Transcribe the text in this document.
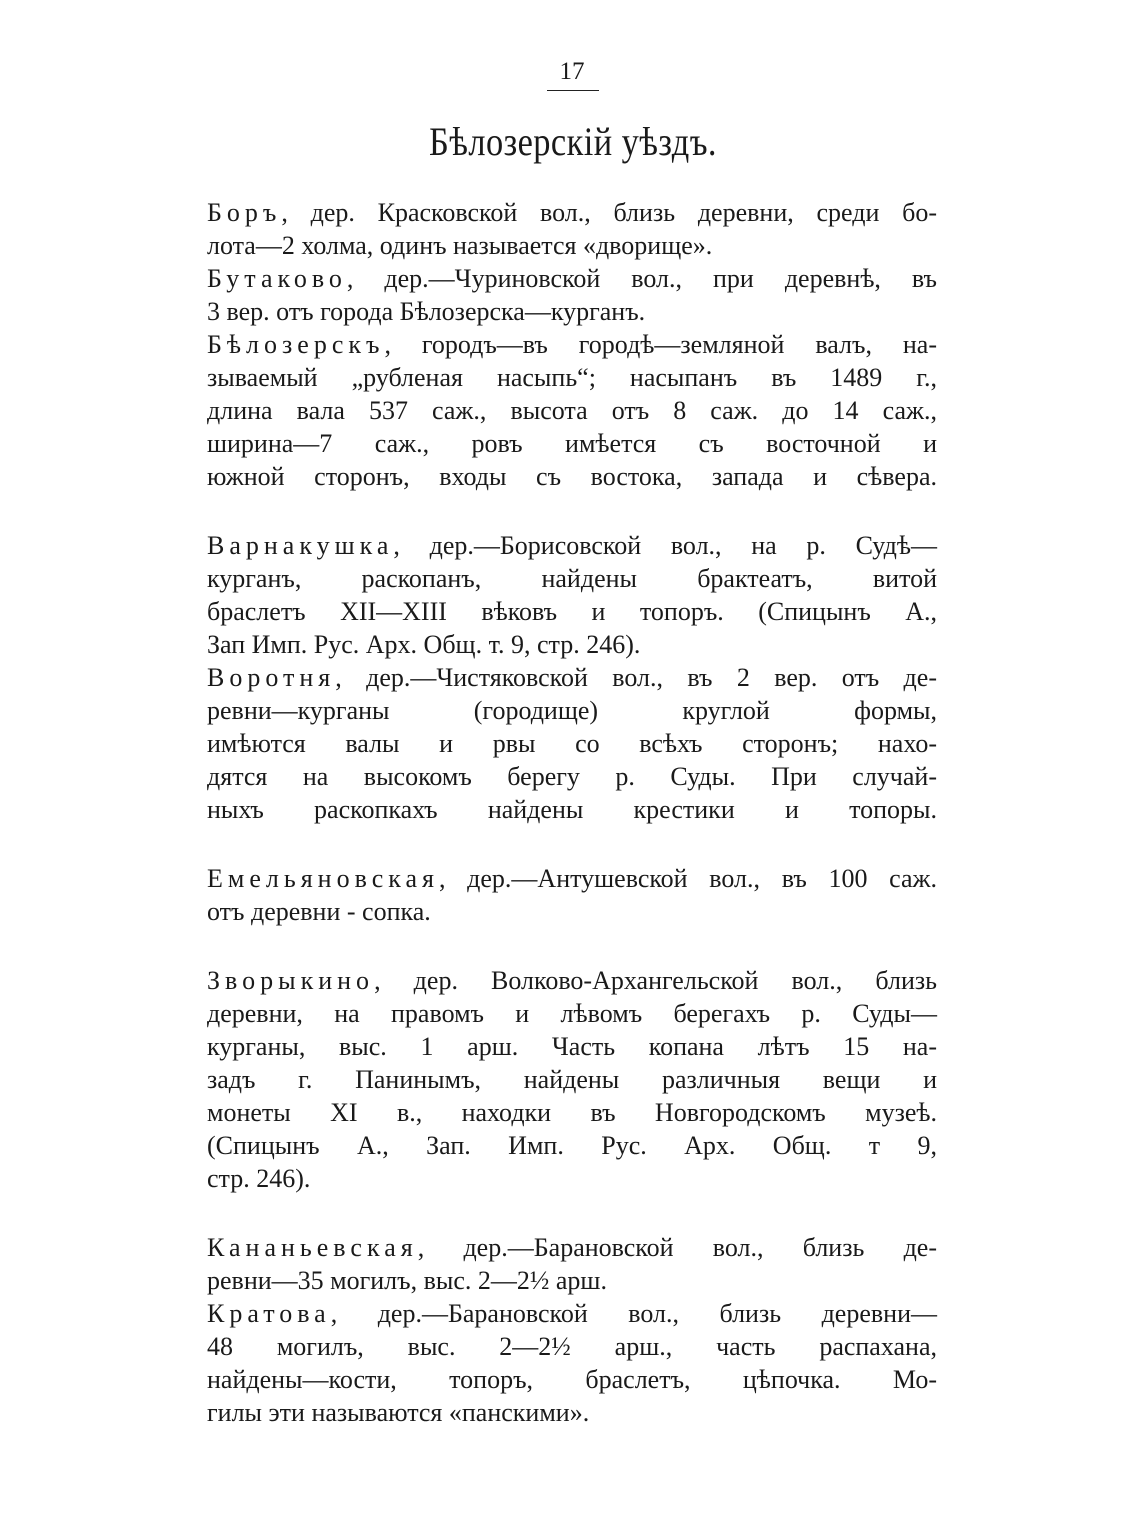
17
Бѣлозерскій уѣздъ.

Боръ, дер. Красковской вол., близь деревни, среди бо-
лота—2 холма, одинъ называется «дворище».

Бутаково, дер.—Чуриновской вол., при деревнѣ, въ
3 вер. отъ города Бѣлозерска—курганъ.

Бѣлозерскъ, городъ—въ городѣ—земляной валъ, на-
зываемый „рубленая насыпь“; насыпанъ въ 1489 г.,
длина вала 537 саж., высота отъ 8 саж. до 14 саж.,
ширина—7 саж., ровъ имѣется съ восточной и
южной сторонъ, входы съ востока, запада и сѣвера.

Варнакушка, дер.—Борисовской вол., на р. Судѣ—
курганъ, раскопанъ, найдены брактеатъ, витой
браслетъ XII—XIII вѣковъ и топоръ. (Спицынъ А.,
Зап Имп. Рус. Арх. Общ. т. 9, стр. 246).

Воротня, дер.—Чистяковской вол., въ 2 вер. отъ де-
ревни—курганы (городище) круглой формы,
имѣются валы и рвы со всѣхъ сторонъ; нахо-
дятся на высокомъ берегу р. Суды. При случай-
ныхъ раскопкахъ найдены крестики и топоры.

Емельяновская, дер.—Антушевской вол., въ 100 саж.
отъ деревни - сопка.

Зворыкино, дер. Волково-Архангельской вол., близь
деревни, на правомъ и лѣвомъ берегахъ р. Суды—
курганы, выс. 1 арш. Часть копана лѣтъ 15 на-
задъ г. Панинымъ, найдены различныя вещи и
монеты XI в., находки въ Новгородскомъ музеѣ.
(Спицынъ А., Зап. Имп. Рус. Арх. Общ. т 9,
стр. 246).

Кананьевская, дер.—Барановской вол., близь де-
ревни—35 могилъ, выс. 2—2½ арш.

Кратова, дер.—Барановской вол., близь деревни—
48 могилъ, выс. 2—2½ арш., часть распахана,
найдены—кости, топоръ, браслетъ, цѣпочка. Мо-
гилы эти называются «панскими».
